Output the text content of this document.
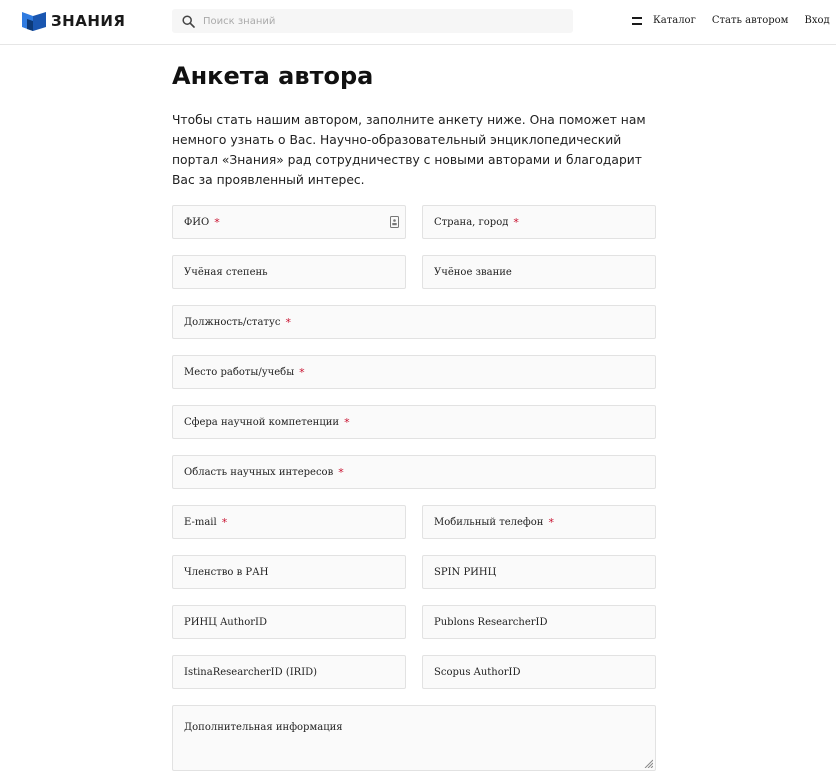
ЗНАНИЯ
Поиск знаний	Каталог Стать автором Вход
Анкета автора

Чтобы стать нашим автором, заполните анкету ниже. Она поможет нам немного узнать о Вас. Научно-образовательный энциклопедический портал «Знания» рад сотрудничеству с новыми авторами и благодарит Вас за проявленный интерес.

ФИО *	Страна, город *
Учёная степень	Учёное звание
Должность/статус *
Место работы/учебы *
Сфера научной компетенции *
Область научных интересов *
E-mail *	Мобильный телефон *
Членство в РАН	SPIN РИНЦ
РИНЦ AuthorID	Publons ResearcherID
IstinaResearcherID (IRID)	Scopus AuthorID
Дополнительная информация
